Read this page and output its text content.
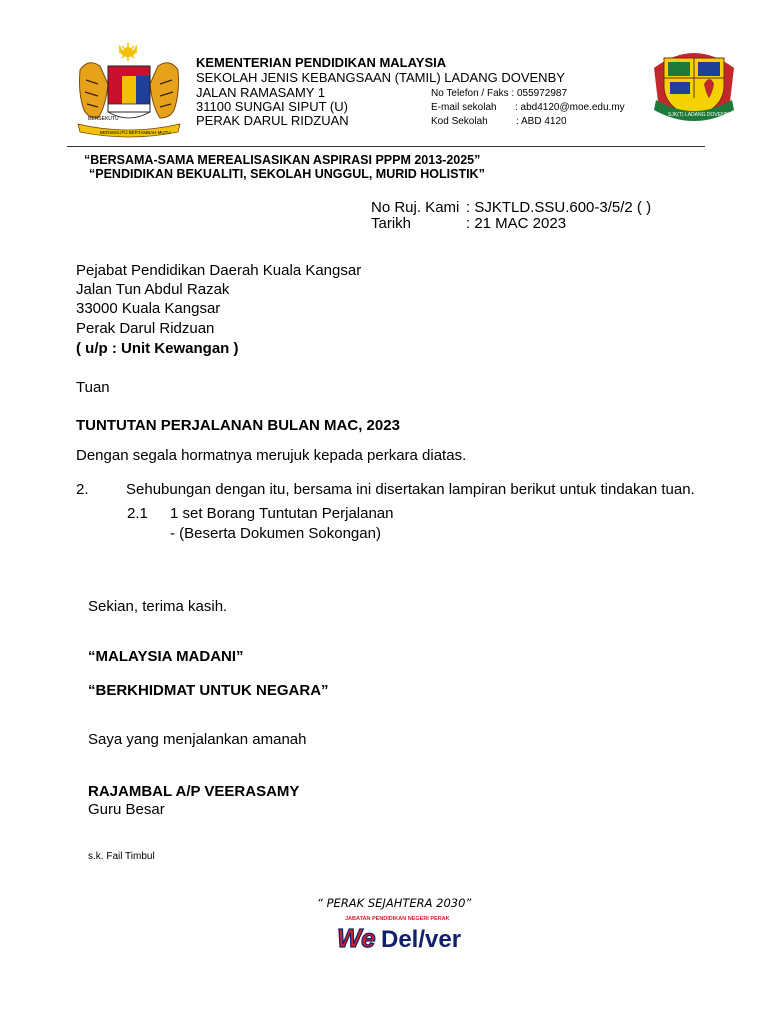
BERSEKUTU
BERSEKUTU BERTAMBAH MUTU
KEMENTERIAN PENDIDIKAN MALAYSIA
SEKOLAH JENIS KEBANGSAAN (TAMIL) LADANG DOVENBY
JALAN RAMASAMY 1
31100 SUNGAI SIPUT (U)
PERAK DARUL RIDZUAN
No Telefon / Faks : 055972987
E-mail sekolah : abd4120@moe.edu.my
Kod Sekolah	: ABD 4120
SJK(T) LADANG DOVENBY
“BERSAMA-SAMA MEREALISASIKAN ASPIRASI PPPM 2013-2025”
“PENDIDIKAN BEKUALITI, SEKOLAH UNGGUL, MURID HOLISTIK”
No Ruj. Kami : SJKTLD.SSU.600-3/5/2 ( )
Tarikh	: 21 MAC 2023
Pejabat Pendidikan Daerah Kuala Kangsar
Jalan Tun Abdul Razak
33000 Kuala Kangsar
Perak Darul Ridzuan
( u/p : Unit Kewangan )
Tuan
TUNTUTAN PERJALANAN BULAN MAC, 2023
Dengan segala hormatnya merujuk kepada perkara diatas.
2. Sehubungan dengan itu, bersama ini disertakan lampiran berikut untuk tindakan tuan.
2.1 1 set Borang Tuntutan Perjalanan
- (Beserta Dokumen Sokongan)
Sekian, terima kasih.
“MALAYSIA MADANI”
“BERKHIDMAT UNTUK NEGARA”
Saya yang menjalankan amanah
RAJAMBAL A/P VEERASAMY
Guru Besar
s.k. Fail Timbul
“ PERAK SEJAHTERA 2030”
JABATAN PENDIDIKAN NEGERI PERAK
We Del/ver
